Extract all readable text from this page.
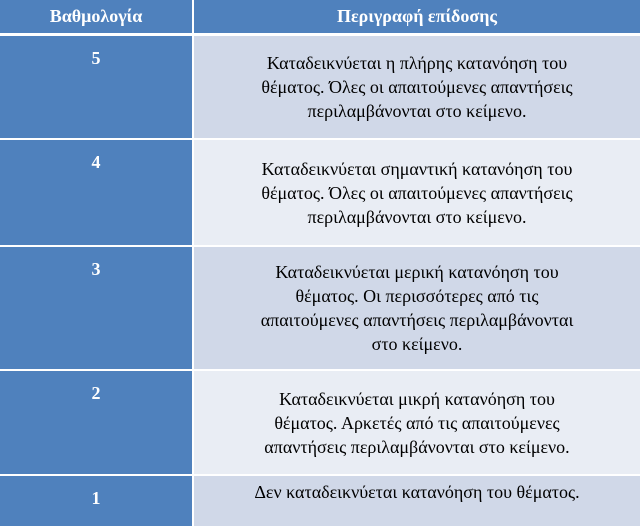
Βαθμολογία	Περιγραφή επίδοσης
5	Καταδεικνύεται η πλήρης κατανόηση του
θέματος. Όλες οι απαιτούμενες απαντήσεις
περιλαμβάνονται στο κείμενο.

4	Καταδεικνύεται σημαντική κατανόηση του
θέματος. Όλες οι απαιτούμενες απαντήσεις
περιλαμβάνονται στο κείμενο.

3	Καταδεικνύεται μερική κατανόηση του
θέματος. Οι περισσότερες από τις
απαιτούμενες απαντήσεις περιλαμβάνονται
στο κείμενο.

2	Καταδεικνύεται μικρή κατανόηση του
θέματος. Αρκετές από τις απαιτούμενες
απαντήσεις περιλαμβάνονται στο κείμενο.

1	Δεν καταδεικνύεται κατανόηση του θέματος.
